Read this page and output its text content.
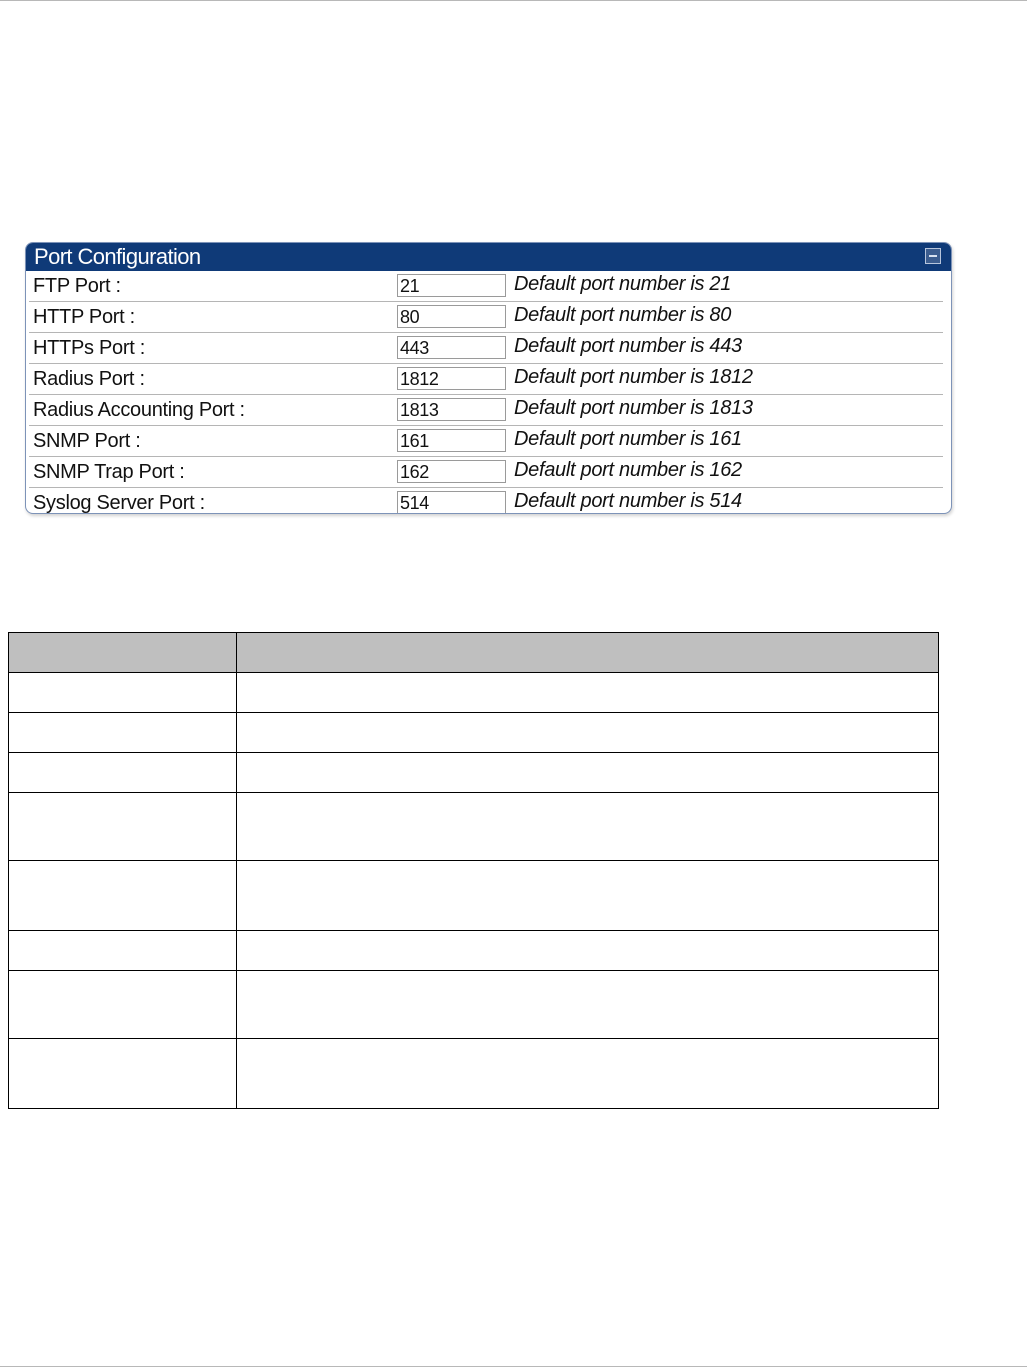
Port Configuration
FTP Port :
21	Default port number is 21
HTTP Port :
80	Default port number is 80
HTTPs Port :
443	Default port number is 443
Radius Port :
1812	Default port number is 1812
Radius Accounting Port :
1813	Default port number is 1813
SNMP Port :
161	Default port number is 161
SNMP Trap Port :
162	Default port number is 162
Syslog Server Port :
514	Default port number is 514
